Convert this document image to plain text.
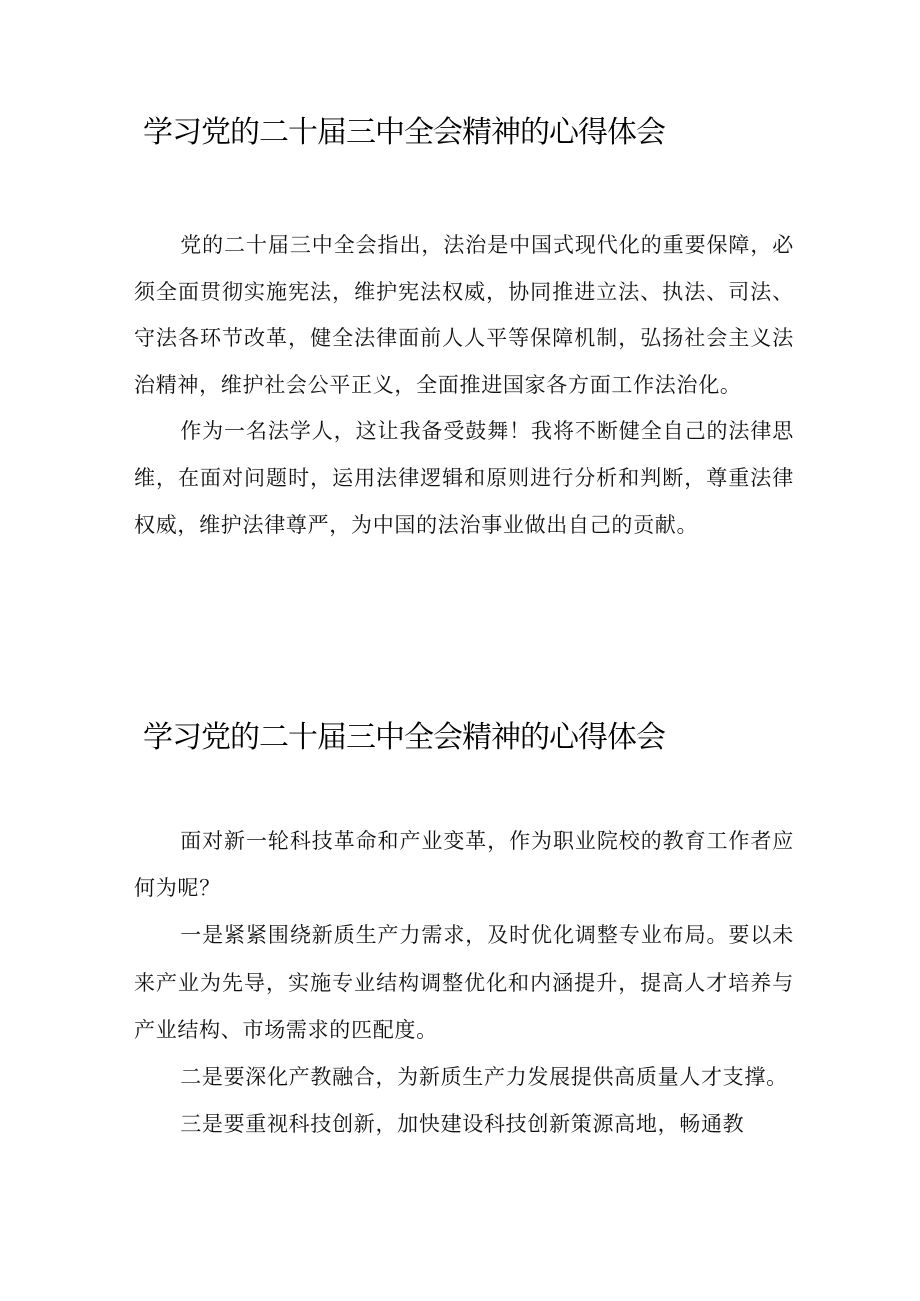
学习党的二十届三中全会精神的心得体会

党的二十届三中全会指出，法治是中国式现代化的重要保障，必须全面贯彻实施宪法，维护宪法权威，协同推进立法、执法、司法、守法各环节改革，健全法律面前人人平等保障机制，弘扬社会主义法治精神，维护社会公平正义，全面推进国家各方面工作法治化。

作为一名法学人，这让我备受鼓舞！我将不断健全自己的法律思维，在面对问题时，运用法律逻辑和原则进行分析和判断，尊重法律权威，维护法律尊严，为中国的法治事业做出自己的贡献。

学习党的二十届三中全会精神的心得体会

面对新一轮科技革命和产业变革，作为职业院校的教育工作者应何为呢？

一是紧紧围绕新质生产力需求，及时优化调整专业布局。要以未来产业为先导，实施专业结构调整优化和内涵提升，提高人才培养与产业结构、市场需求的匹配度。

二是要深化产教融合，为新质生产力发展提供高质量人才支撑。

三是要重视科技创新，加快建设科技创新策源高地，畅通教
